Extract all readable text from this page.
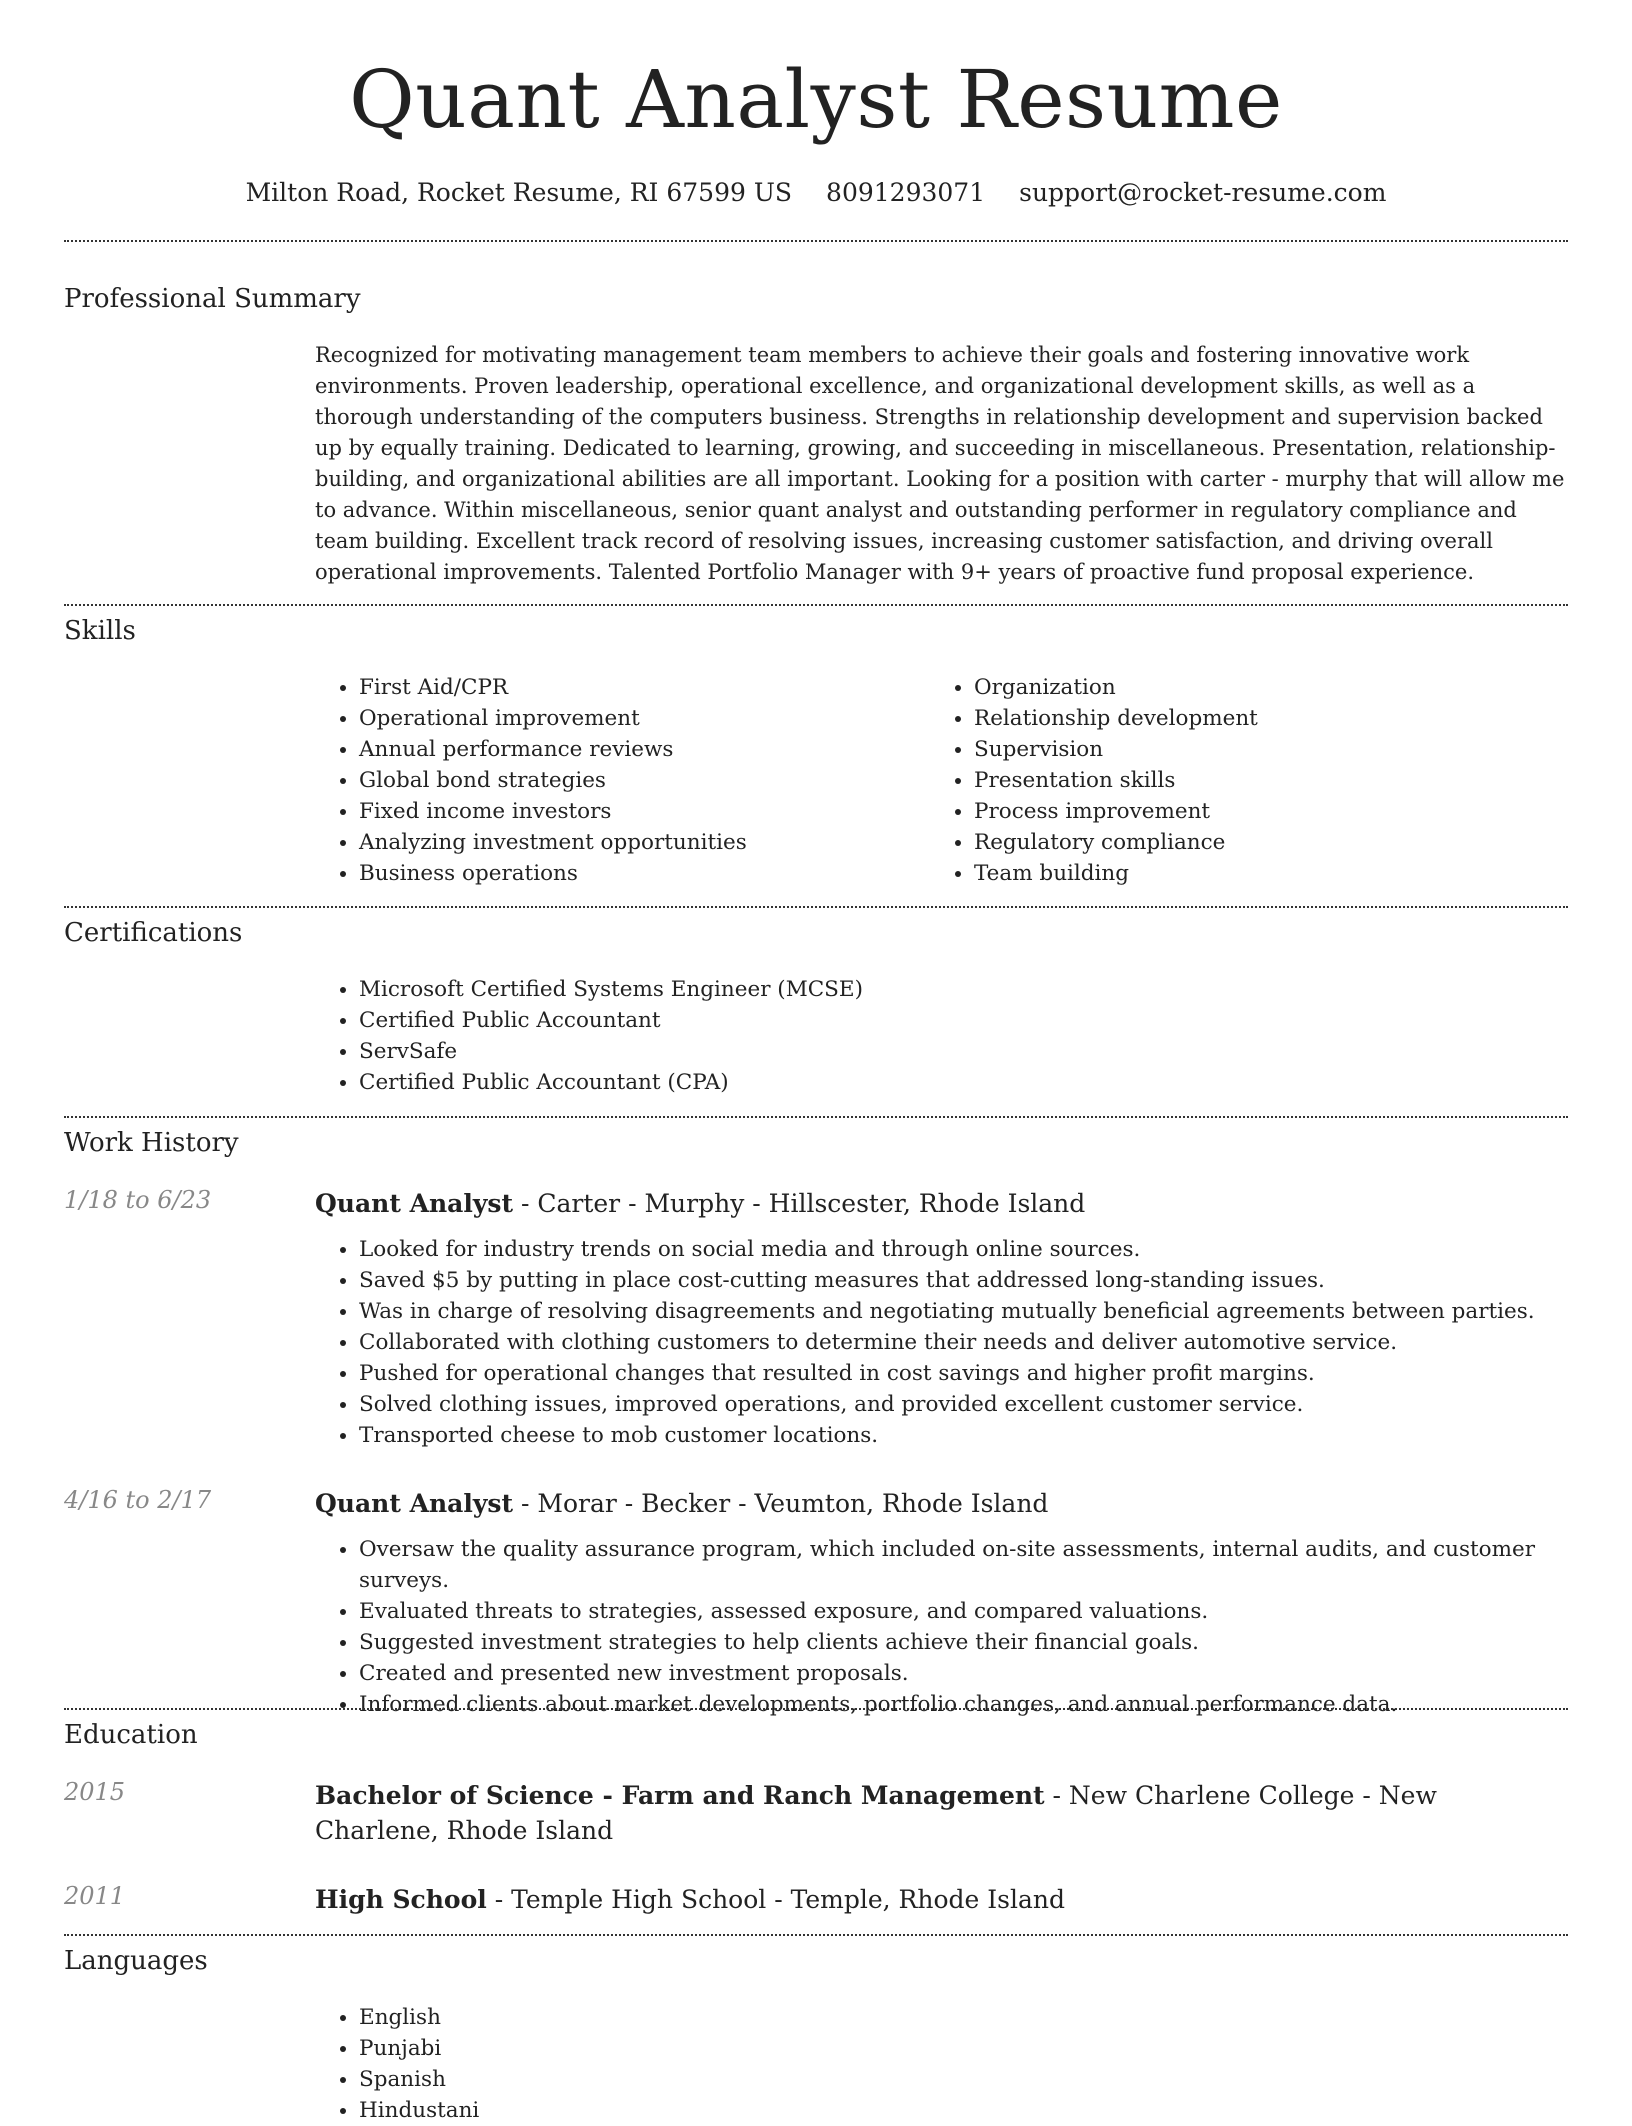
Quant Analyst Resume
Milton Road, Rocket Resume, RI 67599 US 8091293071 support@rocket-resume.com
Professional Summary

Recognized for motivating management team members to achieve their goals and fostering innovative work environments. Proven leadership, operational excellence, and organizational development skills, as well as a thorough understanding of the computers business. Strengths in relationship development and supervision backed up by equally training. Dedicated to learning, growing, and succeeding in miscellaneous. Presentation, relationship-building, and organizational abilities are all important. Looking for a position with carter - murphy that will allow me to advance. Within miscellaneous, senior quant analyst and outstanding performer in regulatory compliance and team building. Excellent track record of resolving issues, increasing customer satisfaction, and driving overall operational improvements. Talented Portfolio Manager with 9+ years of proactive fund proposal experience.

Skills
• First Aid/CPR
• Operational improvement
• Annual performance reviews
• Global bond strategies
• Fixed income investors
• Analyzing investment opportunities
• Business operations
• Organization
• Relationship development
• Supervision
• Presentation skills
• Process improvement
• Regulatory compliance
• Team building
Certifications
• Microsoft Certified Systems Engineer (MCSE)
• Certified Public Accountant
• ServSafe
• Certified Public Accountant (CPA)
Work History
1/18 to 6/23	Quant Analyst - Carter - Murphy - Hillscester, Rhode Island
• Looked for industry trends on social media and through online sources.
• Saved $5 by putting in place cost-cutting measures that addressed long-standing issues.
• Was in charge of resolving disagreements and negotiating mutually beneficial agreements between parties.
• Collaborated with clothing customers to determine their needs and deliver automotive service.
• Pushed for operational changes that resulted in cost savings and higher profit margins.
• Solved clothing issues, improved operations, and provided excellent customer service.
• Transported cheese to mob customer locations.
4/16 to 2/17	Quant Analyst - Morar - Becker - Veumton, Rhode Island
• Oversaw the quality assurance program, which included on-site assessments, internal audits, and customer surveys.
• Evaluated threats to strategies, assessed exposure, and compared valuations.
• Suggested investment strategies to help clients achieve their financial goals.
• Created and presented new investment proposals.
• Informed clients about market developments, portfolio changes, and annual performance data.
Education
2015	Bachelor of Science - Farm and Ranch Management - New Charlene College - New Charlene, Rhode Island
2011	High School - Temple High School - Temple, Rhode Island
Languages
• English
• Punjabi
• Spanish
• Hindustani
